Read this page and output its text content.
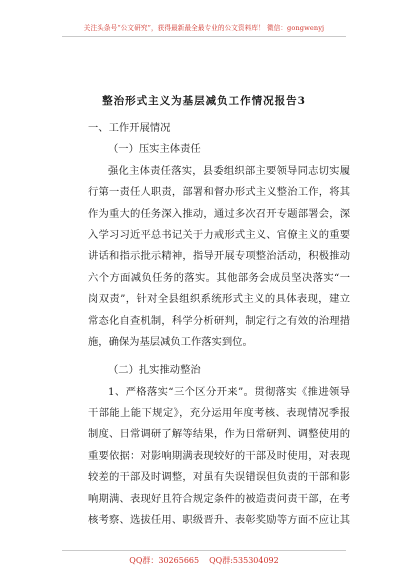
关注头条号“公文研究”，获得最新最全最专业的公文资料库！ 微信：gongwenyj
整治形式主义为基层减负工作情况报告3
一、工作开展情况
（一）压实主体责任
强化主体责任落实，县委组织部主要领导同志切实履
行第一责任人职责，部署和督办形式主义整治工作，将其
作为重大的任务深入推动，通过多次召开专题部署会，深
入学习习近平总书记关于力戒形式主义、官僚主义的重要
讲话和指示批示精神，指导开展专项整治活动，积极推动
六个方面减负任务的落实。其他部务会成员坚决落实“一
岗双责”，针对全县组织系统形式主义的具体表现，建立
常态化自查机制，科学分析研判，制定行之有效的治理措
施，确保为基层减负工作落实到位。
（二）扎实推动整治
1、严格落实“三个区分开来”。贯彻落实《推进领导
干部能上能下规定》，充分运用年度考核、表现情况季报
制度、日常调研了解等结果，作为日常研判、调整使用的
重要依据：对影响期满表现较好的干部及时使用，对表现
较差的干部及时调整，对虽有失误错误但负责的干部和影
响期满、表现好且符合规定条件的被造责问责干部，在考
核考察、选拔任用、职级晋升、表彰奖励等方面不应让其
QQ群：30265665 QQ群:535304092
